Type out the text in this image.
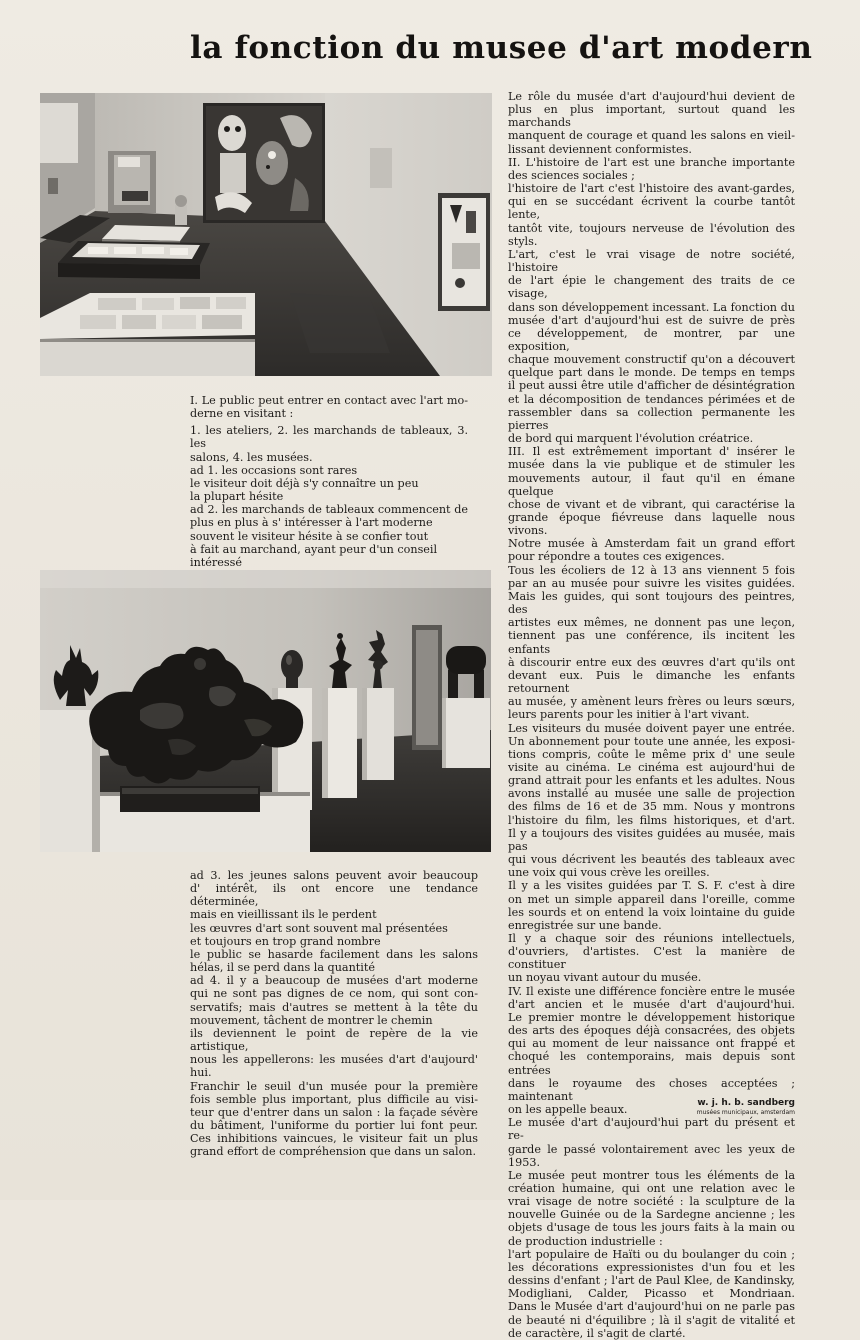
la fonction du musee d'art modern

I. Le public peut entrer en contact avec l'art mo-

derne en visitant :

1. les ateliers, 2. les marchands de tableaux, 3. les

salons, 4. les musées.

ad 1. les occasions sont rares

le visiteur doit déjà s'y connaître un peu

la plupart hésite

ad 2. les marchands de tableaux commencent de

plus en plus à s' intéresser à l'art moderne

souvent le visiteur hésite à se confier tout

à fait au marchand, ayant peur d'un conseil

intéressé

ad 3. les jeunes salons peuvent avoir beaucoup

d' intérêt, ils ont encore une tendance déterminée,

mais en vieillissant ils le perdent

les œuvres d'art sont souvent mal présentées

et toujours en trop grand nombre

le public se hasarde facilement dans les salons

hélas, il se perd dans la quantité

ad 4. il y a beaucoup de musées d'art moderne

qui ne sont pas dignes de ce nom, qui sont con-

servatifs; mais d'autres se mettent à la tête du

mouvement, tâchent de montrer le chemin

ils deviennent le point de repère de la vie artistique,

nous les appellerons: les musées d'art d'aujourd' hui.

Franchir le seuil d'un musée pour la première

fois semble plus important, plus difficile au visi-

teur que d'entrer dans un salon : la façade sévère

du bâtiment, l'uniforme du portier lui font peur.

Ces inhibitions vaincues, le visiteur fait un plus

grand effort de compréhension que dans un salon.

Le rôle du musée d'art d'aujourd'hui devient de

plus en plus important, surtout quand les marchands

manquent de courage et quand les salons en vieil-

lissant deviennent conformistes.

II. L'histoire de l'art est une branche importante

des sciences sociales ;

l'histoire de l'art c'est l'histoire des avant-gardes,

qui en se succédant écrivent la courbe tantôt lente,

tantôt vite, toujours nerveuse de l'évolution des styls.

L'art, c'est le vrai visage de notre société, l'histoire

de l'art épie le changement des traits de ce visage,

dans son développement incessant. La fonction du

musée d'art d'aujourd'hui est de suivre de près

ce développement, de montrer, par une exposition,

chaque mouvement constructif qu'on a découvert

quelque part dans le monde. De temps en temps

il peut aussi être utile d'afficher de désintégration

et la décomposition de tendances périmées et de

rassembler dans sa collection permanente les pierres

de bord qui marquent l'évolution créatrice.

III. Il est extrêmement important d' insérer le

musée dans la vie publique et de stimuler les

mouvements autour, il faut qu'il en émane quelque

chose de vivant et de vibrant, qui caractérise la

grande époque fiévreuse dans laquelle nous vivons.

Notre musée à Amsterdam fait un grand effort

pour répondre a toutes ces exigences.

Tous les écoliers de 12 à 13 ans viennent 5 fois

par an au musée pour suivre les visites guidées.

Mais les guides, qui sont toujours des peintres, des

artistes eux mêmes, ne donnent pas une leçon,

tiennent pas une conférence, ils incitent les enfants

à discourir entre eux des œuvres d'art qu'ils ont

devant eux. Puis le dimanche les enfants retournent

au musée, y amènent leurs frères ou leurs sœurs,

leurs parents pour les initier à l'art vivant.

Les visiteurs du musée doivent payer une entrée.

Un abonnement pour toute une année, les exposi-

tions compris, coûte le même prix d' une seule

visite au cinéma. Le cinéma est aujourd'hui de

grand attrait pour les enfants et les adultes. Nous

avons installé au musée une salle de projection

des films de 16 et de 35 mm. Nous y montrons

l'histoire du film, les films historiques, et d'art.

Il y a toujours des visites guidées au musée, mais pas

qui vous décrivent les beautés des tableaux avec

une voix qui vous crève les oreilles.

Il y a les visites guidées par T. S. F. c'est à dire

on met un simple appareil dans l'oreille, comme

les sourds et on entend la voix lointaine du guide

enregistrée sur une bande.

Il y a chaque soir des réunions intellectuels,

d'ouvriers, d'artistes. C'est la manière de constituer

un noyau vivant autour du musée.

IV. Il existe une différence foncière entre le musée

d'art ancien et le musée d'art d'aujourd'hui.

Le premier montre le développement historique

des arts des époques déjà consacrées, des objets

qui au moment de leur naissance ont frappé et

choqué les contemporains, mais depuis sont entrées

dans le royaume des choses acceptées ; maintenant

on les appelle beaux.

Le musée d'art d'aujourd'hui part du présent et re-

garde le passé volontairement avec les yeux de 1953.

Le musée peut montrer tous les éléments de la

création humaine, qui ont une relation avec le

vrai visage de notre société : la sculpture de la

nouvelle Guinée ou de la Sardegne ancienne ; les

objets d'usage de tous les jours faits à la main ou

de production industrielle :

l'art populaire de Haïti ou du boulanger du coin ;

les décorations expressionistes d'un fou et les

dessins d'enfant ; l'art de Paul Klee, de Kandinsky,

Modigliani, Calder, Picasso et Mondriaan.

Dans le Musée d'art d'aujourd'hui on ne parle pas

de beauté ni d'équilibre ; là il s'agit de vitalité et

de caractère, il s'agit de clarté.

w. j. h. b. sandberg
musées municipaux, amsterdam
